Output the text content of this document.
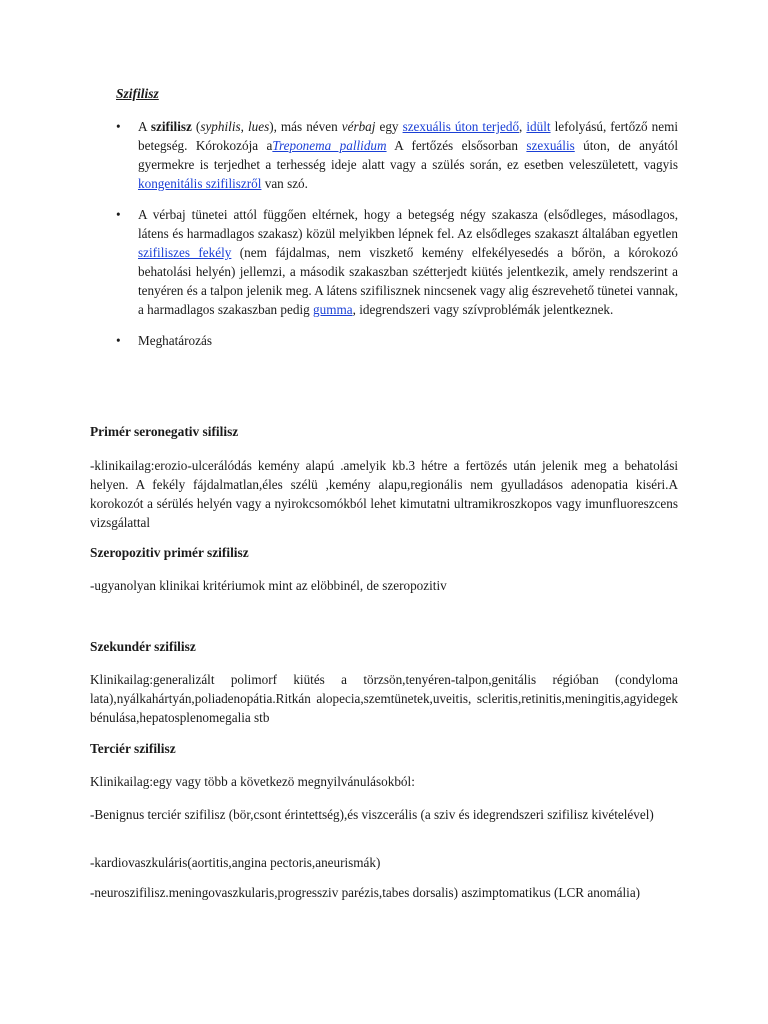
Szifilisz
• A szifilisz (syphilis, lues), más néven vérbaj egy szexuális úton terjedő, idült lefolyású, fertőző nemi betegség. Kórokozója aTreponema pallidum A fertőzés elsősorban szexuális úton, de anyától gyermekre is terjedhet a terhesség ideje alatt vagy a szülés során, ez esetben veleszületett, vagyis kongenitális szifiliszről van szó.
• A vérbaj tünetei attól függően eltérnek, hogy a betegség négy szakasza (elsődleges, másodlagos, látens és harmadlagos szakasz) közül melyikben lépnek fel. Az elsődleges szakaszt általában egyetlen szifiliszes fekély (nem fájdalmas, nem viszkető kemény elfekélyesedés a bőrön, a kórokozó behatolási helyén) jellemzi, a második szakaszban szétterjedt kiütés jelentkezik, amely rendszerint a tenyéren és a talpon jelenik meg. A látens szifilisznek nincsenek vagy alig észrevehető tünetei vannak, a harmadlagos szakaszban pedig gumma, idegrendszeri vagy szívproblémák jelentkeznek.
• Meghatározás
Primér seronegativ sifilisz
-klinikailag:erozio-ulcerálódás kemény alapú .amelyik kb.3 hétre a fertözés után jelenik meg a behatolási helyen. A fekély fájdalmatlan,éles szélü ,kemény alapu,regionális nem gyulladásos adenopatia kiséri.A korokozót a sérülés helyén vagy a nyirokcsomókból lehet kimutatni ultramikroszkopos vagy imunfluoreszcens vizsgálattal
Szeropozitiv primér szifilisz
-ugyanolyan klinikai kritériumok mint az elöbbinél, de szeropozitiv
Szekundér szifilisz
Klinikailag:generalizált polimorf kiütés a törzsön,tenyéren-talpon,genitális régióban (condyloma lata),nyálkahártyán,poliadenopátia.Ritkán alopecia,szemtünetek,uveitis, scleritis,retinitis,meningitis,agyidegek bénulása,hepatosplenomegalia stb
Terciér szifilisz
Klinikailag:egy vagy több a következö megnyilvánulásokból:
-Benignus terciér szifilisz (bör,csont érintettség),és viszcerális (a sziv és idegrendszeri szifilisz kivételével)
-kardiovaszkuláris(aortitis,angina pectoris,aneurismák)
-neuroszifilisz.meningovaszkularis,progressziv parézis,tabes dorsalis) aszimptomatikus (LCR anomália)
